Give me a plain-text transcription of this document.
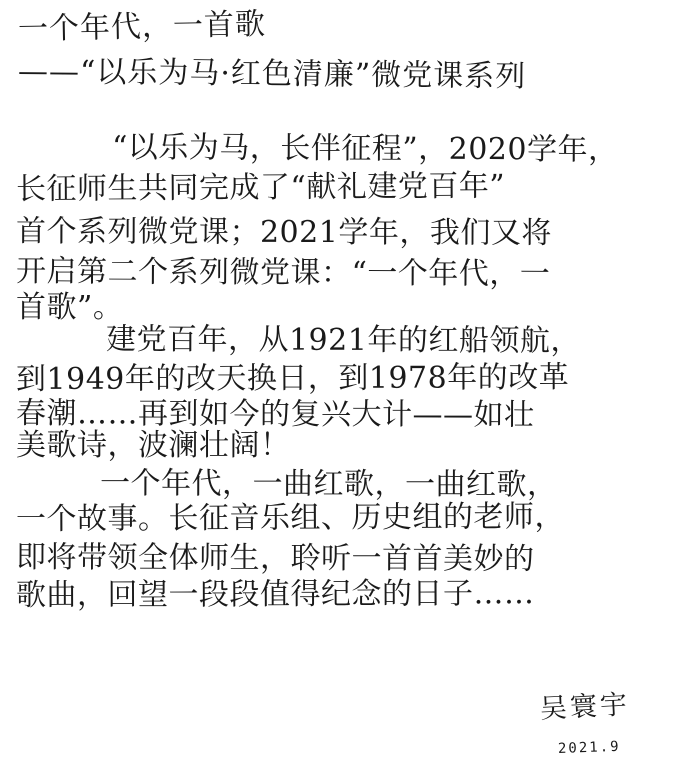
一个年代，一首歌
——“以乐为马·红色清廉”微党课系列
“以乐为马，长伴征程”，2020学年，
长征师生共同完成了“献礼建党百年”
首个系列微党课；2021学年，我们又将
开启第二个系列微党课：“一个年代，一
首歌”。
建党百年，从1921年的红船领航，
到1949年的改天换日，到1978年的改革
春潮……再到如今的复兴大计——如壮
美歌诗，波澜壮阔！
一个年代，一曲红歌，一曲红歌，
一个故事。长征音乐组、历史组的老师，
即将带领全体师生，聆听一首首美妙的
歌曲，回望一段段值得纪念的日子……
吴寰宇
2021.9
